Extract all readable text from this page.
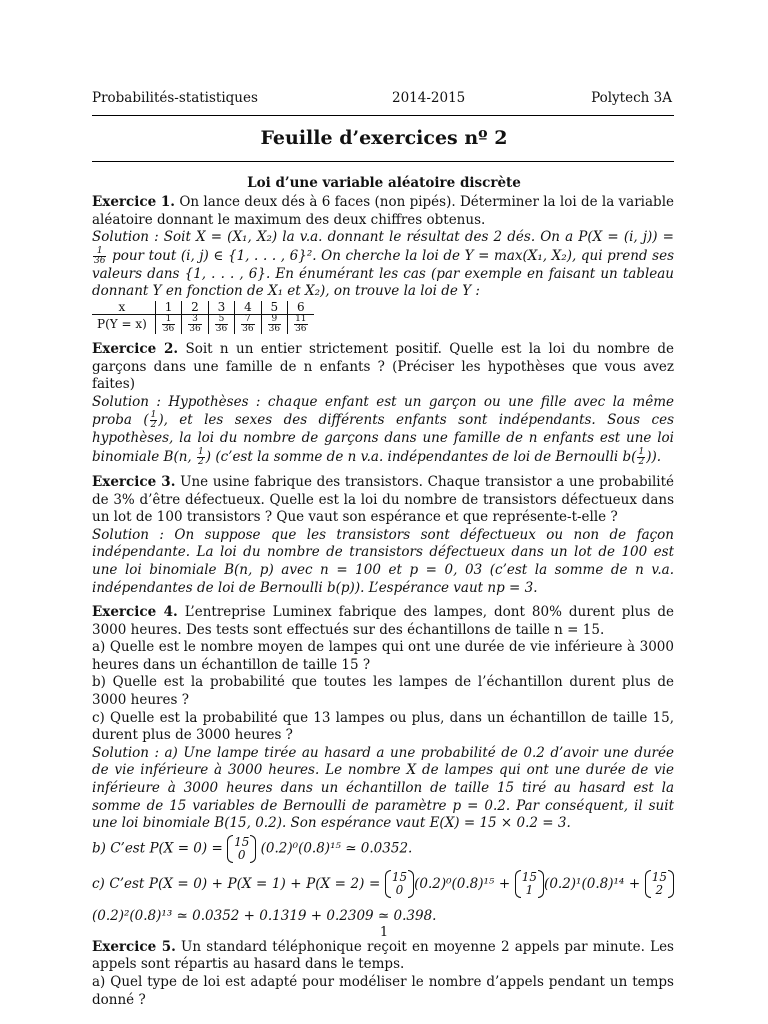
Probabilités-statistiques	2014-2015	Polytech 3A
Feuille d’exercices nº 2
Loi d’une variable aléatoire discrète

Exercice 1. On lance deux dés à 6 faces (non pipés). Déterminer la loi de la variable aléatoire donnant le maximum des deux chiffres obtenus.

Solution : Soit X = (X₁, X₂) la v.a. donnant le résultat des 2 dés. On a P(X = (i, j)) =
$\frac{1}{36}$ pour tout (i, j) ∈ {1, . . . , 6}². On cherche la loi de Y = max(X₁, X₂), qui prend ses valeurs dans {1, . . . , 6}. En énumérant les cas (par exemple en faisant un tableau donnant Y en fonction de X₁ et X₂), on trouve la loi de Y :

x	1	2	3	4	5	6
P(Y = x)	$\frac{1}{36}$	$\frac{3}{36}$	$\frac{5}{36}$	$\frac{7}{36}$	$\frac{9}{36}$	$\frac{11}{36}$

Exercice 2. Soit n un entier strictement positif. Quelle est la loi du nombre de garçons dans une famille de n enfants ? (Préciser les hypothèses que vous avez faites)

Solution : Hypothèses : chaque enfant est un garçon ou une fille avec la même proba ( $\frac{1}{2}$ ), et les sexes des différents enfants sont indépendants. Sous ces hypothèses, la loi du nombre de garçons dans une famille de n enfants est une loi binomiale B(n, $\frac{1}{2}$ ) (c’est la somme de n v.a. indépendantes de loi de Bernoulli $b( \frac{1}{2}$ )).

Exercice 3. Une usine fabrique des transistors. Chaque transistor a une probabilité de 3% d’être défectueux. Quelle est la loi du nombre de transistors défectueux dans un lot de 100 transistors ? Que vaut son espérance et que représente-t-elle ?

Solution : On suppose que les transistors sont défectueux ou non de façon indépendante. La loi du nombre de transistors défectueux dans un lot de 100 est une loi binomiale B(n, p) avec n = 100 et p = 0, 03 (c’est la somme de n v.a. indépendantes de loi de Bernoulli b(p)). L’espérance vaut np = 3.

Exercice 4. L’entreprise Luminex fabrique des lampes, dont 80% durent plus de 3000 heures. Des tests sont effectués sur des échantillons de taille n = 15.

a) Quelle est le nombre moyen de lampes qui ont une durée de vie inférieure à 3000 heures dans un échantillon de taille 15 ?

b) Quelle est la probabilité que toutes les lampes de l’échantillon durent plus de 3000 heures ?

c) Quelle est la probabilité que 13 lampes ou plus, dans un échantillon de taille 15, durent plus de 3000 heures ?

Solution : a) Une lampe tirée au hasard a une probabilité de 0.2 d’avoir une durée de vie inférieure à 3000 heures. Le nombre X de lampes qui ont une durée de vie inférieure à 3000 heures dans un échantillon de taille 15 tiré au hasard est la somme de 15 variables de Bernoulli de paramètre p = 0.2. Par conséquent, il suit une loi binomiale B(15, 0.2). Son espérance vaut E(X) = 15 × 0.2 = 3.

b) C’est P(X = 0) = 15
0 (0.2)⁰(0.8)¹⁵ ≃ 0.0352.

c) C’est P(X = 0) + P(X = 1) + P(X = 2) = 15
0 (0.2)⁰(0.8)¹⁵ + 15
1 (0.2)¹(0.8)¹⁴ + 15
2
(0.2)²(0.8)¹³ ≃ 0.0352 + 0.1319 + 0.2309 ≃ 0.398.

Exercice 5. Un standard téléphonique reçoit en moyenne 2 appels par minute. Les appels sont répartis au hasard dans le temps.

a) Quel type de loi est adapté pour modéliser le nombre d’appels pendant un temps donné ?

1
